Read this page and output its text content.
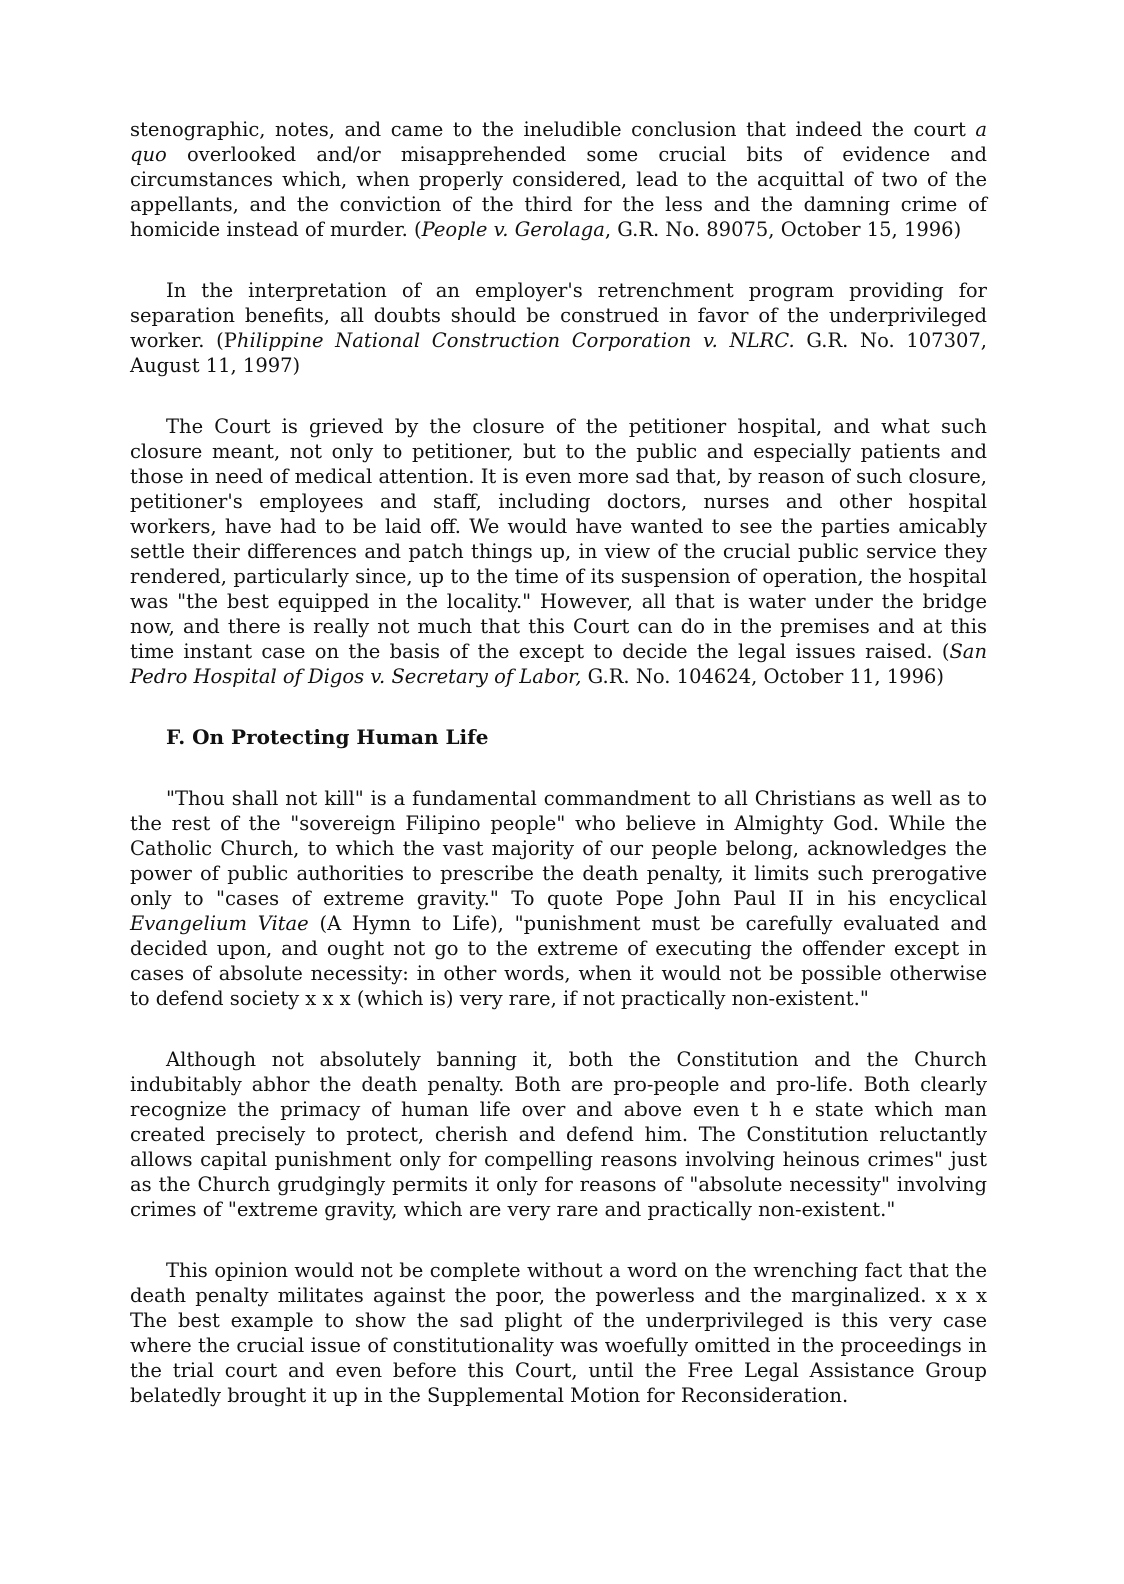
stenographic, notes, and came to the ineludible conclusion that indeed the court a quo overlooked and/or misapprehended some crucial bits of evidence and circumstances which, when properly considered, lead to the acquittal of two of the appellants, and the conviction of the third for the less and the damning crime of homicide instead of murder. (People v. Gerolaga, G.R. No. 89075, October 15, 1996)

In the interpretation of an employer's retrenchment program providing for separation benefits, all doubts should be construed in favor of the underprivileged worker. (Philippine National Construction Corporation v. NLRC. G.R. No. 107307, August 11, 1997)

The Court is grieved by the closure of the petitioner hospital, and what such closure meant, not only to petitioner, but to the public and especially patients and those in need of medical attention. It is even more sad that, by reason of such closure, petitioner's employees and staff, including doctors, nurses and other hospital workers, have had to be laid off. We would have wanted to see the parties amicably settle their differences and patch things up, in view of the crucial public service they rendered, particularly since, up to the time of its suspension of operation, the hospital was "the best equipped in the locality." However, all that is water under the bridge now, and there is really not much that this Court can do in the premises and at this time instant case on the basis of the except to decide the legal issues raised. (San Pedro Hospital of Digos v. Secretary of Labor, G.R. No. 104624, October 11, 1996)

F. On Protecting Human Life

"Thou shall not kill" is a fundamental commandment to all Christians as well as to the rest of the "sovereign Filipino people" who believe in Almighty God. While the Catholic Church, to which the vast majority of our people belong, acknowledges the power of public authorities to prescribe the death penalty, it limits such prerogative only to "cases of extreme gravity." To quote Pope John Paul II in his encyclical Evangelium Vitae (A Hymn to Life), "punishment must be carefully evaluated and decided upon, and ought not go to the extreme of executing the offender except in cases of absolute necessity: in other words, when it would not be possible otherwise to defend society x x x (which is) very rare, if not practically non-existent."

Although not absolutely banning it, both the Constitution and the Church indubitably abhor the death penalty. Both are pro-people and pro-life. Both clearly recognize the primacy of human life over and above even t h e state which man created precisely to protect, cherish and defend him. The Constitution reluctantly allows capital punishment only for compelling reasons involving heinous crimes" just as the Church grudgingly permits it only for reasons of "absolute necessity" involving crimes of "extreme gravity, which are very rare and practically non-existent."

This opinion would not be complete without a word on the wrenching fact that the death penalty militates against the poor, the powerless and the marginalized. x x x The best example to show the sad plight of the underprivileged is this very case where the crucial issue of constitutionality was woefully omitted in the proceedings in the trial court and even before this Court, until the Free Legal Assistance Group belatedly brought it up in the Supplemental Motion for Reconsideration.
